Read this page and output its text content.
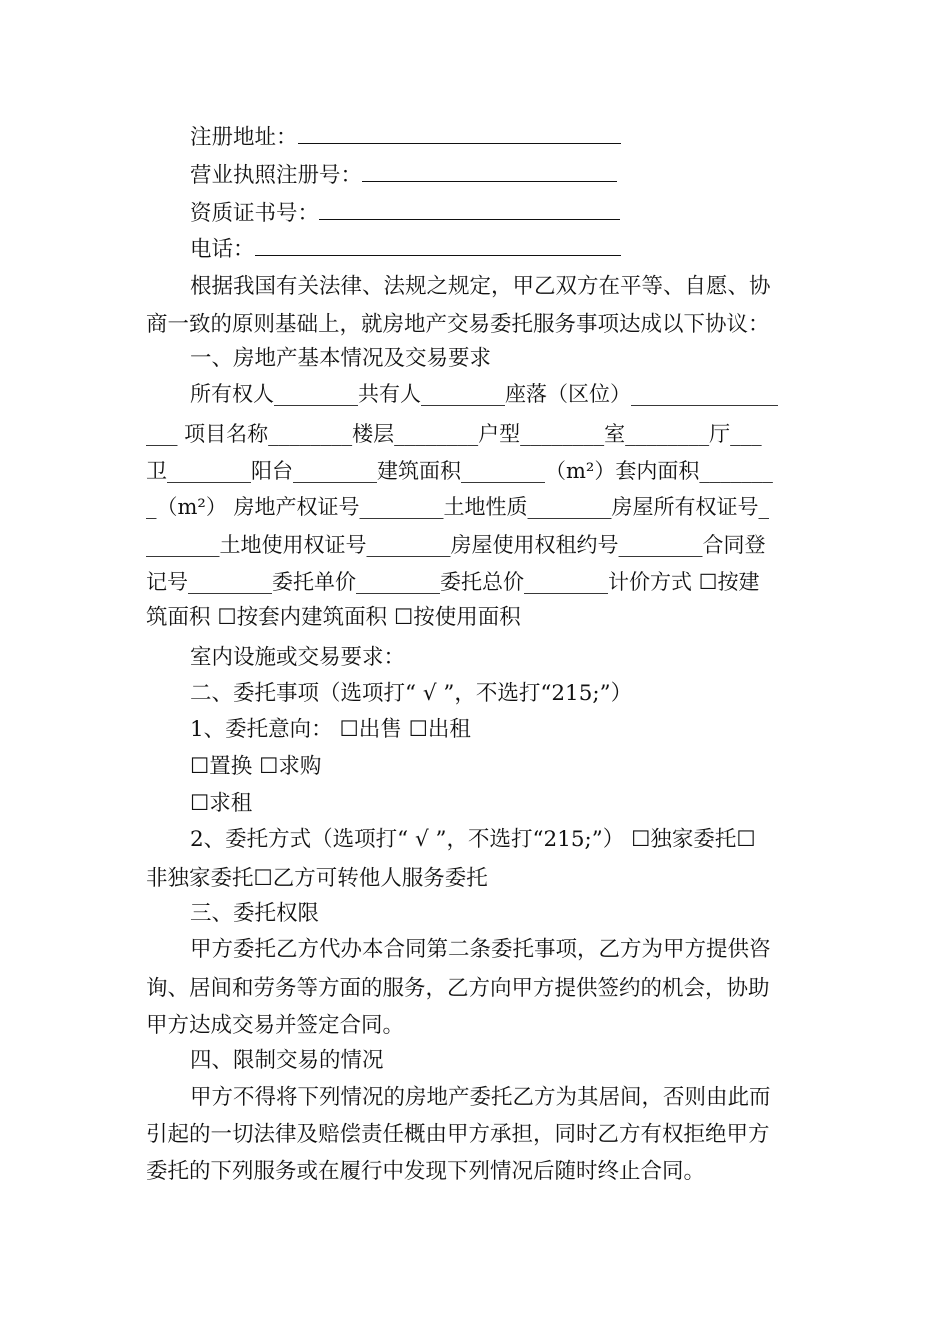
注册地址：
营业执照注册号：
资质证书号：
电话：
根据我国有关法律、法规之规定，甲乙双方在平等、自愿、协
商一致的原则基础上，就房地产交易委托服务事项达成以下协议：
一、房地产基本情况及交易要求
所有权人________共有人________座落（区位）______________
___ 项目名称________楼层________户型________室________厅___
卫________阳台________建筑面积________（m²）套内面积_______
_（m²） 房地产权证号________土地性质________房屋所有权证号_
_______土地使用权证号________房屋使用权租约号________合同登
记号________委托单价________委托总价________计价方式 ☐按建
筑面积 ☐按套内建筑面积 ☐按使用面积
室内设施或交易要求：
二、委托事项（选项打“ √ ”，不选打“215;”）
1、委托意向： ☐出售 ☐出租
☐置换 ☐求购
☐求租
2、委托方式（选项打“ √ ”，不选打“215;”） ☐独家委托☐
非独家委托☐乙方可转他人服务委托
三、委托权限
甲方委托乙方代办本合同第二条委托事项，乙方为甲方提供咨
询、居间和劳务等方面的服务，乙方向甲方提供签约的机会，协助
甲方达成交易并签定合同。
四、限制交易的情况
甲方不得将下列情况的房地产委托乙方为其居间，否则由此而
引起的一切法律及赔偿责任概由甲方承担，同时乙方有权拒绝甲方
委托的下列服务或在履行中发现下列情况后随时终止合同。
